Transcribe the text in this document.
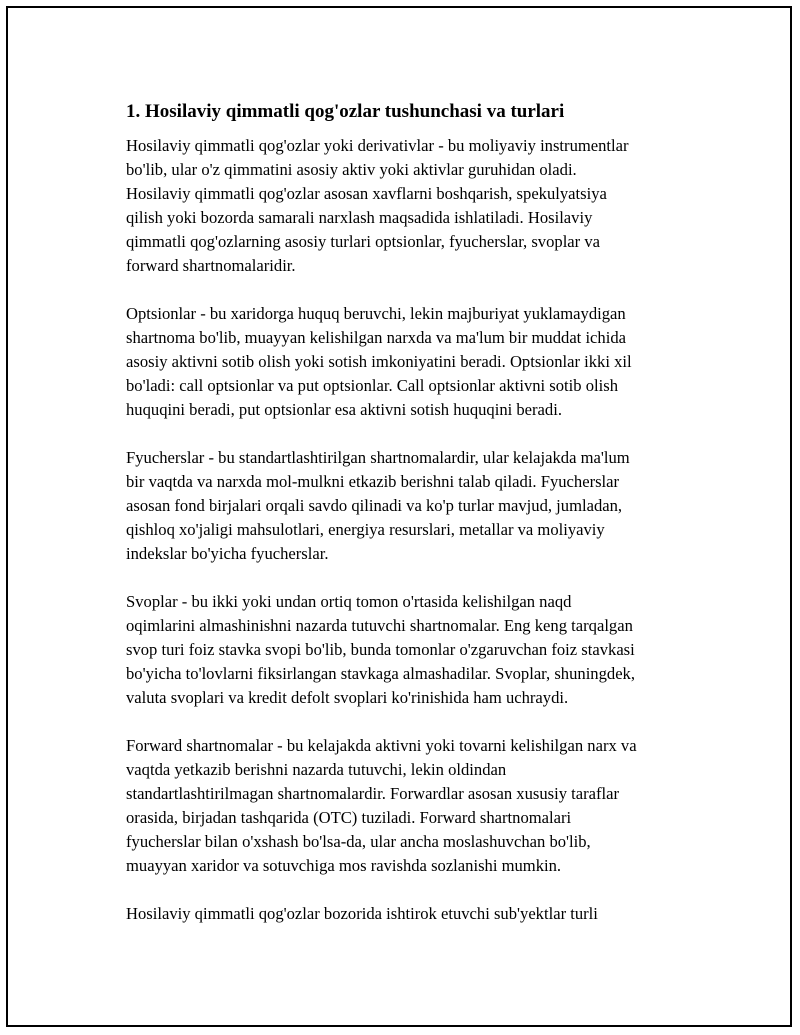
1. Hosilaviy qimmatli qog'ozlar tushunchasi va turlari
Hosilaviy qimmatli qog'ozlar yoki derivativlar - bu moliyaviy instrumentlar
bo'lib, ular o'z qimmatini asosiy aktiv yoki aktivlar guruhidan oladi.
Hosilaviy qimmatli qog'ozlar asosan xavflarni boshqarish, spekulyatsiya
qilish yoki bozorda samarali narxlash maqsadida ishlatiladi. Hosilaviy
qimmatli qog'ozlarning asosiy turlari optsionlar, fyucherslar, svoplar va
forward shartnomalaridir.
Optsionlar - bu xaridorga huquq beruvchi, lekin majburiyat yuklamaydigan
shartnoma bo'lib, muayyan kelishilgan narxda va ma'lum bir muddat ichida
asosiy aktivni sotib olish yoki sotish imkoniyatini beradi. Optsionlar ikki xil
bo'ladi: call optsionlar va put optsionlar. Call optsionlar aktivni sotib olish
huquqini beradi, put optsionlar esa aktivni sotish huquqini beradi.
Fyucherslar - bu standartlashtirilgan shartnomalardir, ular kelajakda ma'lum
bir vaqtda va narxda mol-mulkni etkazib berishni talab qiladi. Fyucherslar
asosan fond birjalari orqali savdo qilinadi va ko'p turlar mavjud, jumladan,
qishloq xo'jaligi mahsulotlari, energiya resurslari, metallar va moliyaviy
indekslar bo'yicha fyucherslar.
Svoplar - bu ikki yoki undan ortiq tomon o'rtasida kelishilgan naqd
oqimlarini almashinishni nazarda tutuvchi shartnomalar. Eng keng tarqalgan
svop turi foiz stavka svopi bo'lib, bunda tomonlar o'zgaruvchan foiz stavkasi
bo'yicha to'lovlarni fiksirlangan stavkaga almashadilar. Svoplar, shuningdek,
valuta svoplari va kredit defolt svoplari ko'rinishida ham uchraydi.
Forward shartnomalar - bu kelajakda aktivni yoki tovarni kelishilgan narx va
vaqtda yetkazib berishni nazarda tutuvchi, lekin oldindan
standartlashtirilmagan shartnomalardir. Forwardlar asosan xususiy taraflar
orasida, birjadan tashqarida (OTC) tuziladi. Forward shartnomalari
fyucherslar bilan o'xshash bo'lsa-da, ular ancha moslashuvchan bo'lib,
muayyan xaridor va sotuvchiga mos ravishda sozlanishi mumkin.
Hosilaviy qimmatli qog'ozlar bozorida ishtirok etuvchi sub'yektlar turli
